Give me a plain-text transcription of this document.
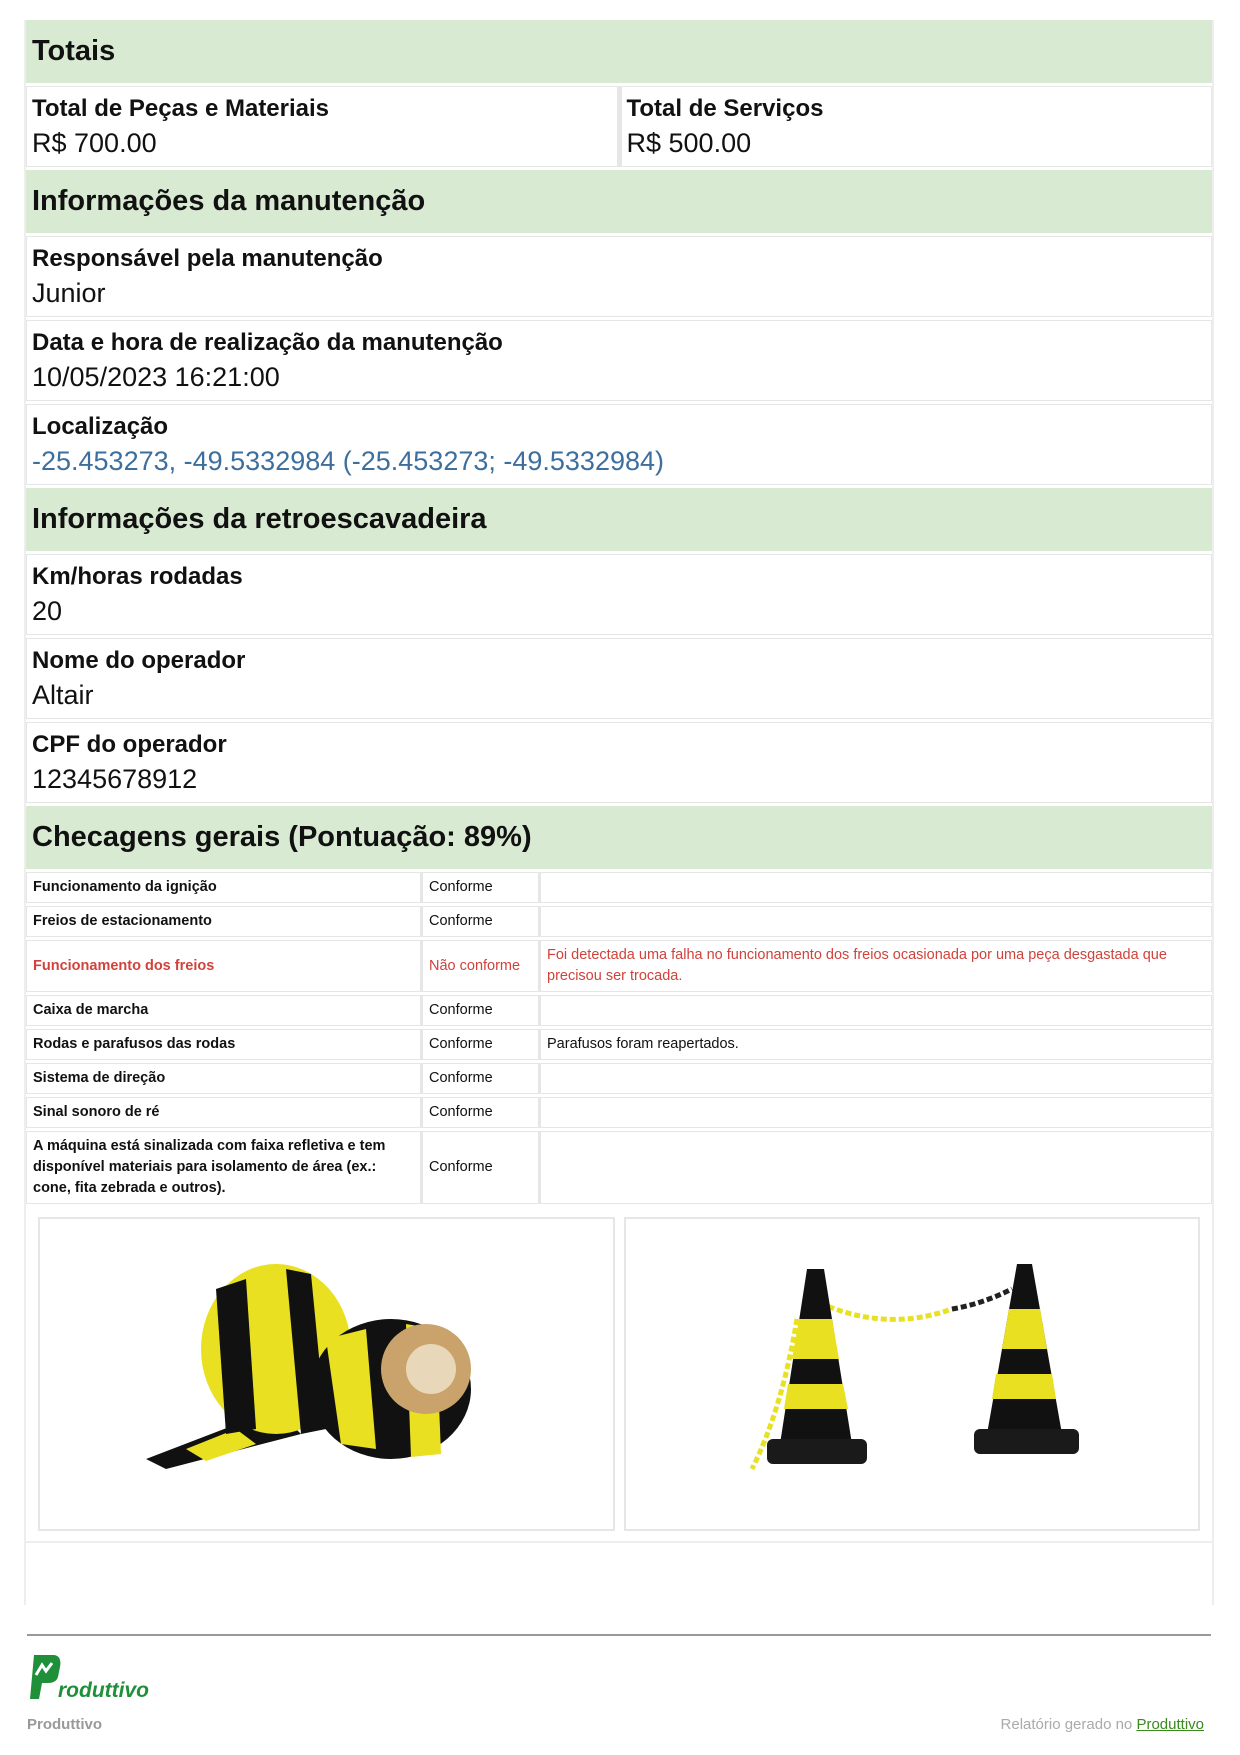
Totais
Total de Peças e Materiais
R$ 700.00
Total de Serviços
R$ 500.00
Informações da manutenção
Responsável pela manutenção
Junior
Data e hora de realização da manutenção
10/05/2023 16:21:00
Localização
-25.453273, -49.5332984 (-25.453273; -49.5332984)
Informações da retroescavadeira
Km/horas rodadas
20
Nome do operador
Altair
CPF do operador
12345678912
Checagens gerais (Pontuação: 89%)
Funcionamento da ignição	Conforme	
Freios de estacionamento	Conforme	
Funcionamento dos freios	Não conforme	Foi detectada uma falha no funcionamento dos freios ocasionada por uma peça desgastada que precisou ser trocada.
Caixa de marcha	Conforme	
Rodas e parafusos das rodas	Conforme	Parafusos foram reapertados.
Sistema de direção	Conforme	
Sinal sonoro de ré	Conforme	
A máquina está sinalizada com faixa refletiva e tem disponível materiais para isolamento de área (ex.: cone, fita zebrada e outros).	Conforme	
roduttivo
Produttivo	Relatório gerado no Produttivo
